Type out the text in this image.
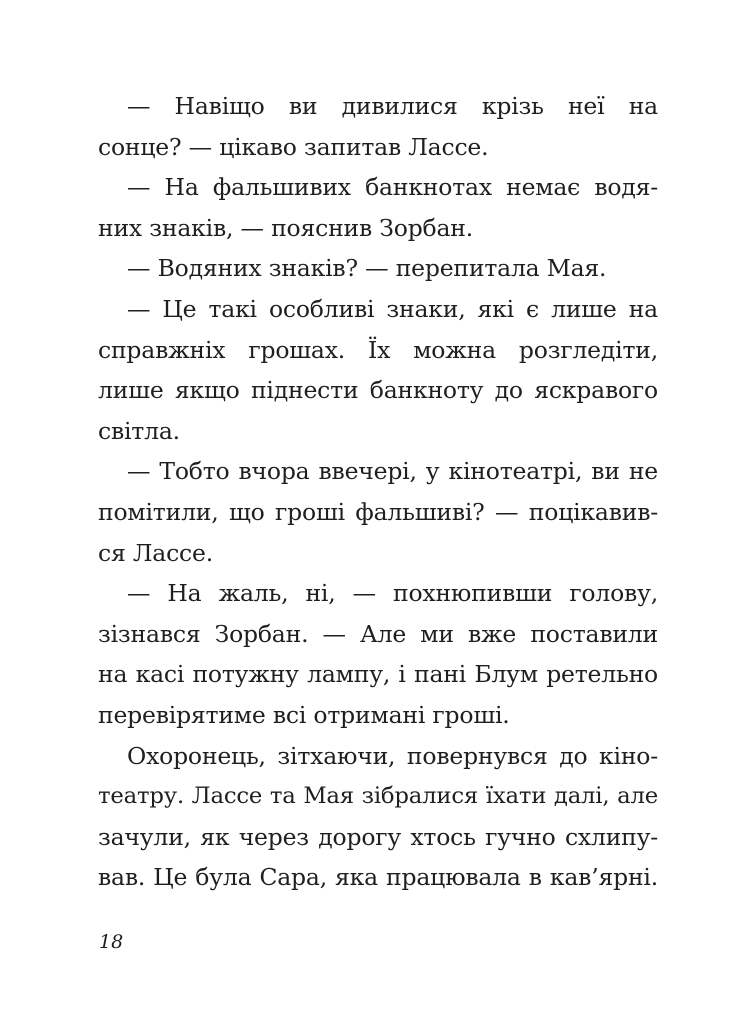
— Навіщо ви дивилися крізь неї на
сонце? — цікаво запитав Лассе.
— На фальшивих банкнотах немає водя-
них знаків, — пояснив Зорбан.
— Водяних знаків? — перепитала Мая.
— Це такі особливі знаки, які є лише на
справжніх грошах. Їх можна розгледіти,
лише якщо піднести банкноту до яскравого
світла.
— Тобто вчора ввечері, у кінотеатрі, ви не
помітили, що гроші фальшиві? — поцікавив-
ся Лассе.
— На жаль, ні, — похнюпивши голову,
зізнався Зорбан. — Але ми вже поставили
на касі потужну лампу, і пані Блум ретельно
перевірятиме всі отримані гроші.
Охоронець, зітхаючи, повернувся до кіно-
театру. Лассе та Мая зібралися їхати далі, але
зачули, як через дорогу хтось гучно схлипу-
вав. Це була Сара, яка працювала в кав’ярні.
18
